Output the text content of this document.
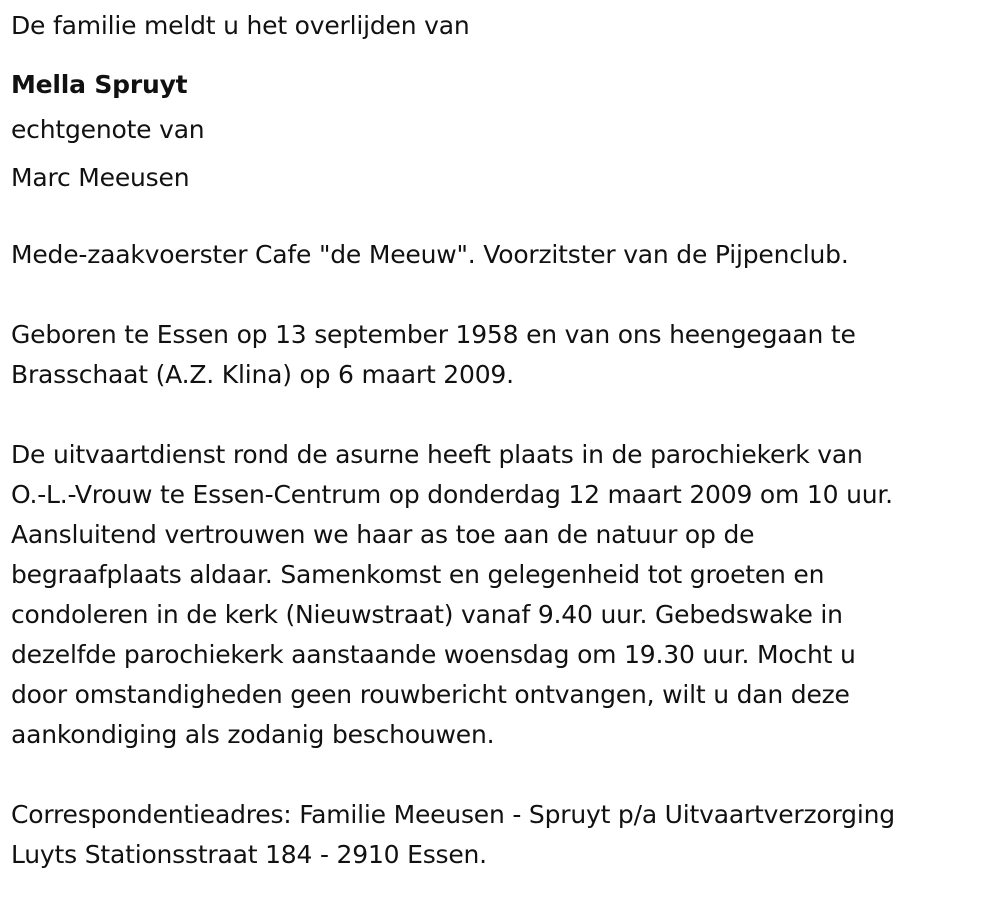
De familie meldt u het overlijden van
Mella Spruyt
echtgenote van
Marc Meeusen
Mede-zaakvoerster Cafe "de Meeuw". Voorzitster van de Pijpenclub.
Geboren te Essen op 13 september 1958 en van ons heengegaan te
Brasschaat (A.Z. Klina) op 6 maart 2009.
De uitvaartdienst rond de asurne heeft plaats in de parochiekerk van
O.-L.-Vrouw te Essen-Centrum op donderdag 12 maart 2009 om 10 uur.
Aansluitend vertrouwen we haar as toe aan de natuur op de
begraafplaats aldaar. Samenkomst en gelegenheid tot groeten en
condoleren in de kerk (Nieuwstraat) vanaf 9.40 uur. Gebedswake in
dezelfde parochiekerk aanstaande woensdag om 19.30 uur. Mocht u
door omstandigheden geen rouwbericht ontvangen, wilt u dan deze
aankondiging als zodanig beschouwen.
Correspondentieadres: Familie Meeusen - Spruyt p/a Uitvaartverzorging
Luyts Stationsstraat 184 - 2910 Essen.
